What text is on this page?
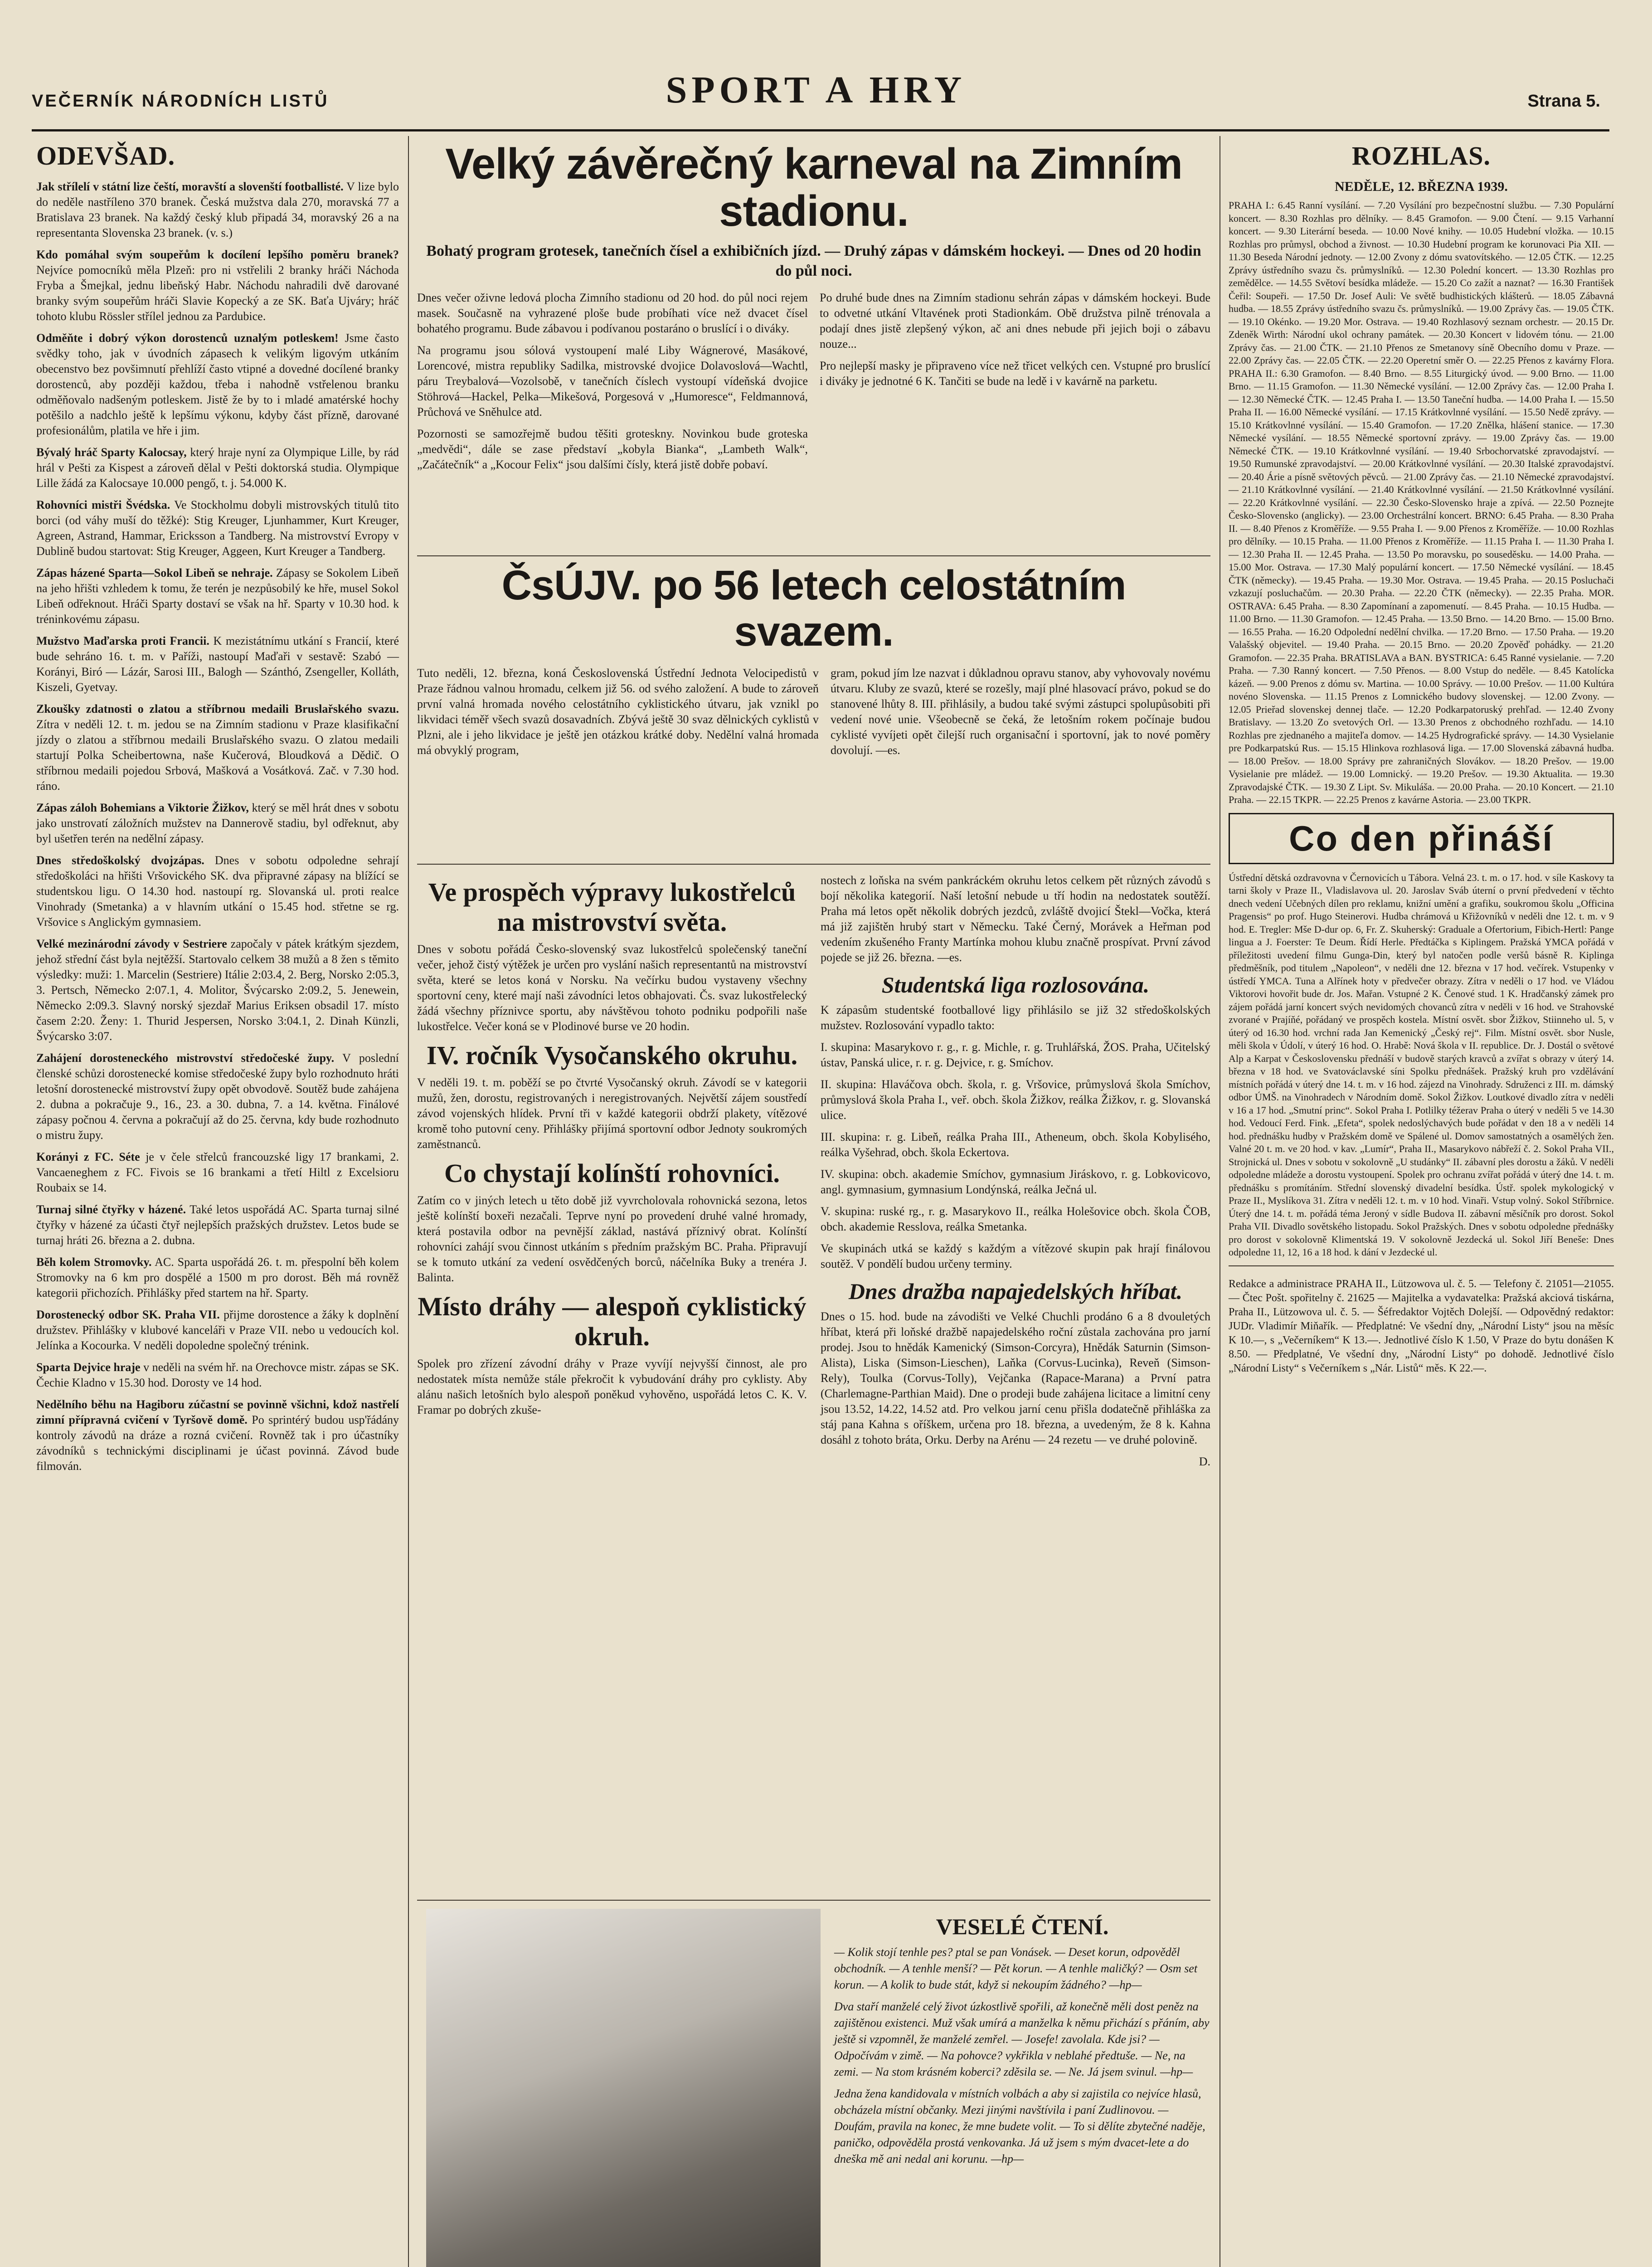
VEČERNÍK NÁRODNÍCH LISTŮ	SPORT A HRY	Strana 5.
ODEVŠAD.

Jak střílelí v státní lize čeští, moravští a slovenští footballisté. V lize bylo do neděle nastříleno 370 branek. Česká mužstva dala 270, moravská 77 a Bratislava 23 branek. Na každý český klub připadá 34, moravský 26 a na representanta Slovenska 23 branek. (v. s.)

Kdo pomáhal svým soupeřům k docílení lepšího poměru branek? Nejvíce pomocníků měla Plzeň: pro ni vstřelili 2 branky hráči Náchoda Fryba a Šmejkal, jednu libeňský Habr. Náchodu nahradili dvě darované branky svým soupeřům hráči Slavie Kopecký a ze SK. Baťa Ujváry; hráč tohoto klubu Rössler střílel jednou za Pardubice.

Odměňte i dobrý výkon dorostenců uznalým potleskem! Jsme často svědky toho, jak v úvodních zápasech k velikým ligovým utkáním obecenstvo bez povšimnutí přehlíží často vtipné a dovedné docílené branky dorostenců, aby později každou, třeba i nahodně vstřelenou branku odměňovalo nadšeným potleskem. Jistě že by to i mladé amatérské hochy potěšilo a nadchlo ještě k lepšímu výkonu, kdyby část přízně, darované profesionálům, platila ve hře i jim.

Bývalý hráč Sparty Kalocsay, který hraje nyní za Olympique Lille, by rád hrál v Pešti za Kispest a zároveň dělal v Pešti doktorská studia. Olympique Lille žádá za Kalocsaye 10.000 pengő, t. j. 54.000 K.

Rohovníci mistři Švédska. Ve Stockholmu dobyli mistrovských titulů tito borci (od váhy muší do těžké): Stig Kreuger, Ljunhammer, Kurt Kreuger, Agreen, Astrand, Hammar, Ericksson a Tandberg. Na mistrovství Evropy v Dublině budou startovat: Stig Kreuger, Aggeen, Kurt Kreuger a Tandberg.

Zápas házené Sparta—Sokol Libeň se nehraje. Zápasy se Sokolem Libeň na jeho hřišti vzhledem k tomu, že terén je nezpůsobilý ke hře, musel Sokol Libeň odřeknout. Hráči Sparty dostaví se však na hř. Sparty v 10.30 hod. k tréninkovému zápasu.

Mužstvo Maďarska proti Francii. K mezistátnímu utkání s Francií, které bude sehráno 16. t. m. v Paříži, nastoupí Maďaři v sestavě: Szabó — Korányi, Biró — Lázár, Sarosi III., Balogh — Szánthó, Zsengeller, Kolláth, Kiszeli, Gyetvay.

Zkoušky zdatnosti o zlatou a stříbrnou medaili Bruslařského svazu. Zítra v neděli 12. t. m. jedou se na Zimním stadionu v Praze klasifikační jízdy o zlatou a stříbrnou medaili Bruslařského svazu. O zlatou medaili startují Polka Scheibertowna, naše Kučerová, Bloudková a Dědič. O stříbrnou medaili pojedou Srbová, Mašková a Vosátková. Zač. v 7.30 hod. ráno.

Zápas záloh Bohemians a Viktorie Žižkov, který se měl hrát dnes v sobotu jako unstrovatí záložních mužstev na Dannerově stadiu, byl odřeknut, aby byl ušetřen terén na nedělní zápasy.

Dnes středoškolský dvojzápas. Dnes v sobotu odpoledne sehrají středoškoláci na hřišti Vršovického SK. dva připravné zápasy na blížící se studentskou ligu. O 14.30 hod. nastoupí rg. Slovanská ul. proti realce Vinohrady (Smetanka) a v hlavním utkání o 15.45 hod. střetne se rg. Vršovice s Anglickým gymnasiem.

Velké mezinárodní závody v Sestriere započaly v pátek krátkým sjezdem, jehož střední část byla nejtěžší. Startovalo celkem 38 mužů a 8 žen s těmito výsledky: muži: 1. Marcelin (Sestriere) Itálie 2:03.4, 2. Berg, Norsko 2:05.3, 3. Pertsch, Německo 2:07.1, 4. Molitor, Švýcarsko 2:09.2, 5. Jenewein, Německo 2:09.3. Slavný norský sjezdař Marius Eriksen obsadil 17. místo časem 2:20. Ženy: 1. Thurid Jespersen, Norsko 3:04.1, 2. Dinah Künzli, Švýcarsko 3:07.

Zahájení dorosteneckého mistrovství středočeské župy. V poslední členské schůzi dorostenecké komise středočeské župy bylo rozhodnuto hráti letošní dorostenecké mistrovství župy opět obvodově. Soutěž bude zahájena 2. dubna a pokračuje 9., 16., 23. a 30. dubna, 7. a 14. května. Finálové zápasy počnou 4. června a pokračují až do 25. června, kdy bude rozhodnuto o mistru župy.

Korányi z FC. Séte je v čele střelců francouzské ligy 17 brankami, 2. Vancaeneghem z FC. Fivois se 16 brankami a třetí Hiltl z Excelsioru Roubaix se 14.

Turnaj silné čtyřky v házené. Také letos uspořádá AC. Sparta turnaj silné čtyřky v házené za účasti čtyř nejlepších pražských družstev. Letos bude se turnaj hráti 26. března a 2. dubna.

Běh kolem Stromovky. AC. Sparta uspořádá 26. t. m. přespolní běh kolem Stromovky na 6 km pro dospělé a 1500 m pro dorost. Běh má rovněž kategorii přichozích. Přihlášky před startem na hř. Sparty.

Dorostenecký odbor SK. Praha VII. přijme dorostence a žáky k doplnění družstev. Přihlášky v klubové kanceláři v Praze VII. nebo u vedoucích kol. Jelínka a Kocourka. V neděli dopoledne společný trénink.

Sparta Dejvice hraje v neděli na svém hř. na Orechovce mistr. zápas se SK. Čechie Kladno v 15.30 hod. Dorosty ve 14 hod.

Nedělního běhu na Hagiboru zúčastní se povinně všichni, kdož nastřelí zimní přípravná cvičení v Tyršově domě. Po sprintérý budou usp'řádány kontroly závodů na dráze a rozná cvičení. Rovněž tak i pro účastníky závodníků s technickými disciplinami je účast povinná. Závod bude filmován.

Velký závěrečný karneval na Zimním stadionu.
Bohatý program grotesek, tanečních čísel a exhibičních jízd. — Druhý zápas v dámském hockeyi. — Dnes od 20 hodin do půl noci.

Dnes večer oživne ledová plocha Zimního stadionu od 20 hod. do půl noci rejem masek. Současně na vyhrazené ploše bude probíhati více než dvacet čísel bohatého programu. Bude zábavou i podívanou postaráno o bruslící i o diváky.

Na programu jsou sólová vystoupení malé Liby Wágnerové, Masákové, Lorencové, mistra republiky Sadilka, mistrovské dvojice Dolavoslová—Wachtl, páru Treybalová—Vozolsobě, v tanečních číslech vystoupí vídeňská dvojice Stöhrová—Hackel, Pelka—Mikešová, Porgesová v „Humoresce“, Feldmannová, Průchová ve Sněhulce atd.

Pozornosti se samozřejmě budou těšiti groteskny. Novinkou bude groteska „medvědi“, dále se zase představí „kobyla Bianka“, „Lambeth Walk“, „Začátečník“ a „Kocour Felix“ jsou dalšími čísly, která jistě dobře pobaví.

Po druhé bude dnes na Zimním stadionu sehrán zápas v dámském hockeyi. Bude to odvetné utkání Vltavének proti Stadionkám. Obě družstva pilně trénovala a podají dnes jistě zlepšený výkon, ač ani dnes nebude při jejich boji o zábavu nouze...

Pro nejlepší masky je připraveno více než třicet velkých cen. Vstupné pro bruslící i diváky je jednotné 6 K. Tančiti se bude na ledě i v kavárně na parketu.

ČsÚJV. po 56 letech celostátním svazem.

Tuto neděli, 12. března, koná Československá Ústřední Jednota Velocipedistů v Praze řádnou valnou hromadu, celkem již 56. od svého založení. A bude to zároveň první valná hromada nového celostátního cyklistického útvaru, jak vznikl po likvidaci téměř všech svazů dosavadních. Zbývá ještě 30 svaz dělnických cyklistů v Plzni, ale i jeho likvidace je ještě jen otázkou krátké doby. Nedělní valná hromada má obvyklý program,

gram, pokud jím lze nazvat i důkladnou opravu stanov, aby vyhovovaly novému útvaru. Kluby ze svazů, které se rozešly, mají plné hlasovací právo, pokud se do stanovené lhůty 8. III. přihlásily, a budou také svými zástupci spolupůsobiti při vedení nové unie. Všeobecně se čeká, že letošním rokem počínaje budou cyklisté vyvíjeti opět čilejší ruch organisační i sportovní, jak to nové poměry dovolují. —es.

Ve prospěch výpravy lukostřelců na mistrovství světa.

Dnes v sobotu pořádá Česko-slovenský svaz lukostřelců společenský taneční večer, jehož čistý výtěžek je určen pro vyslání našich representantů na mistrovství světa, které se letos koná v Norsku. Na večírku budou vystaveny všechny sportovní ceny, které mají naši závodníci letos obhajovati. Čs. svaz lukostřelecký žádá všechny příznivce sportu, aby návštěvou tohoto podniku podpořili naše lukostřelce. Večer koná se v Plodinové burse ve 20 hodin.

IV. ročník Vysočanského okruhu.

V neděli 19. t. m. poběží se po čtvrté Vysočanský okruh. Závodí se v kategorii mužů, žen, dorostu, registrovaných i neregistrovaných. Největší zájem soustředí závod vojenských hlídek. První tři v každé kategorii obdrží plakety, vítězové kromě toho putovní ceny. Přihlášky přijímá sportovní odbor Jednoty soukromých zaměstnanců.

Co chystají kolínští rohovníci.

Zatím co v jiných letech u těto době již vyvrcholovala rohovnická sezona, letos ještě kolínští boxeři nezačali. Teprve nyní po provedení druhé valné hromady, která postavila odbor na pevnější základ, nastává příznivý obrat. Kolínští rohovníci zahájí svou činnost utkáním s předním pražským BC. Praha. Připravují se k tomuto utkání za vedení osvědčených borců, náčelníka Buky a trenéra J. Balinta.

Místo dráhy — alespoň cyklistický okruh.

Spolek pro zřízení závodní dráhy v Praze vyvíjí nejvyšší činnost, ale pro nedostatek místa nemůže stále překročit k vybudování dráhy pro cyklisty. Aby alánu našich letošních bylo alespoň poněkud vyhověno, uspořádá letos C. K. V. Framar po dobrých zkuše-

nostech z loňska na svém pankráckém okruhu letos celkem pět různých závodů s bojí několika kategorií. Naší letošní nebude u tří hodin na nedostatek soutěží. Praha má letos opět několik dobrých jezdců, zvláště dvojicí Štekl—Vočka, která má již zajištěn hrubý start v Německu. Také Černý, Morávek a Heřman pod vedením zkušeného Franty Martínka mohou klubu značně prospívat. První závod pojede se již 26. března. —es.

Studentská liga rozlosována.

K zápasům studentské footballové ligy přihlásilo se již 32 středoškolských mužstev. Rozlosování vypadlo takto:

I. skupina: Masarykovo r. g., r. g. Michle, r. g. Truhlářská, ŽOS. Praha, Učitelský ústav, Panská ulice, r. r. g. Dejvice, r. g. Smíchov.

II. skupina: Hlaváčova obch. škola, r. g. Vršovice, průmyslová škola Smíchov, průmyslová škola Praha I., veř. obch. škola Žižkov, reálka Žižkov, r. g. Slovanská ulice.

III. skupina: r. g. Libeň, reálka Praha III., Atheneum, obch. škola Kobylisého, reálka Vyšehrad, obch. škola Eckertova.

IV. skupina: obch. akademie Smíchov, gymnasium Jiráskovo, r. g. Lobkovicovo, angl. gymnasium, gymnasium Londýnská, reálka Ječná ul.

V. skupina: ruské rg., r. g. Masarykovo II., reálka Holešovice obch. škola ČOB, obch. akademie Resslova, reálka Smetanka.

Ve skupinách utká se každý s každým a vítězové skupin pak hrají finálovou soutěž. V pondělí budou určeny terminy.

Dnes dražba napajedelských hříbat.

Dnes o 15. hod. bude na závodišti ve Velké Chuchli prodáno 6 a 8 dvouletých hříbat, která při loňské dražbě napajedelského roční zůstala zachována pro jarní prodej. Jsou to hnědák Kamenický (Simson-Corcyra), Hnědák Saturnin (Simson-Alista), Liska (Simson-Lieschen), Laňka (Corvus-Lucinka), Reveň (Simson-Rely), Toulka (Corvus-Tolly), Vejčanka (Rapace-Marana) a První patra (Charlemagne-Parthian Maid). Dne o prodeji bude zahájena licitace a limitní ceny jsou 13.52, 14.22, 14.52 atd. Pro velkou jarní cenu přišla dodatečně přihláška za stáj pana Kahna s oříškem, určena pro 18. března, a uvedeným, že 8 k. Kahna dosáhl z tohoto bráta, Orku. Derby na Arénu — 24 rezetu — ve druhé polovině.

D.

VESELÉ ČTENÍ.

— Kolik stojí tenhle pes? ptal se pan Vonásek. — Deset korun, odpověděl obchodník. — A tenhle menší? — Pět korun. — A tenhle maličký? — Osm set korun. — A kolik to bude stát, když si nekoupím žádného? —hp—

Dva staří manželé celý život úzkostlivě spořili, až konečně měli dost peněz na zajištěnou existenci. Muž však umírá a manželka k němu přichází s přáním, aby ještě si vzpomněl, že manželé zemřel. — Josefe! zavolala. Kde jsi? — Odpočívám v zimě. — Na pohovce? vykřikla v neblahé předtuše. — Ne, na zemi. — Na stom krásném koberci? zděsila se. — Ne. Já jsem svinul. —hp—

Jedna žena kandidovala v místních volbách a aby si zajistila co nejvíce hlasů, obcházela místní občanky. Mezi jinými navštívila i paní Zudlinovou. — Doufám, pravila na konec, že mne budete volit. — To si dělíte zbytečné naděje, paničko, odpověděla prostá venkovanka. Já už jsem s mým dvacet-lete a do dneška mě ani nedal ani korunu. —hp—

ROZHLAS.
NEDĚLE, 12. BŘEZNA 1939.

PRAHA I.: 6.45 Ranní vysílání. — 7.20 Vysílání pro bezpečnostní službu. — 7.30 Populární koncert. — 8.30 Rozhlas pro dělníky. — 8.45 Gramofon. — 9.00 Čtení. — 9.15 Varhanní koncert. — 9.30 Literární beseda. — 10.00 Nové knihy. — 10.05 Hudební vložka. — 10.15 Rozhlas pro průmysl, obchod a živnost. — 10.30 Hudební program ke korunovaci Pia XII. — 11.30 Beseda Národní jednoty. — 12.00 Zvony z dómu svatovítského. — 12.05 ČTK. — 12.25 Zprávy ústředního svazu čs. průmyslníků. — 12.30 Polední koncert. — 13.30 Rozhlas pro zemědělce. — 14.55 Světoví besídka mládeže. — 15.20 Co zažít a naznat? — 16.30 František Čeřil: Soupeři. — 17.50 Dr. Josef Auli: Ve světě budhistických klášterů. — 18.05 Zábavná hudba. — 18.55 Zprávy ústředního svazu čs. průmyslníků. — 19.00 Zprávy čas. — 19.05 ČTK. — 19.10 Okénko. — 19.20 Mor. Ostrava. — 19.40 Rozhlasový seznam orchestr. — 20.15 Dr. Zdeněk Wirth: Národní ukol ochrany památek. — 20.30 Koncert v lidovém tónu. — 21.00 Zprávy čas. — 21.00 ČTK. — 21.10 Přenos ze Smetanovy síně Obecního domu v Praze. — 22.00 Zprávy čas. — 22.05 ČTK. — 22.20 Operetní směr O. — 22.25 Přenos z kavárny Flora. PRAHA II.: 6.30 Gramofon. — 8.40 Brno. — 8.55 Liturgický úvod. — 9.00 Brno. — 11.00 Brno. — 11.15 Gramofon. — 11.30 Německé vysílání. — 12.00 Zprávy čas. — 12.00 Praha I. — 12.30 Německé ČTK. — 12.45 Praha I. — 13.50 Taneční hudba. — 14.00 Praha I. — 15.50 Praha II. — 16.00 Německé vysílání. — 17.15 Krátkovlnné vysílání. — 15.50 Nedě zprávy. — 15.10 Krátkovlnné vysílání. — 15.40 Gramofon. — 17.20 Znělka, hlášení stanice. — 17.30 Německé vysílání. — 18.55 Německé sportovní zprávy. — 19.00 Zprávy čas. — 19.00 Německé ČTK. — 19.10 Krátkovlnné vysílání. — 19.40 Srbochorvatské zpravodajství. — 19.50 Rumunské zpravodajství. — 20.00 Krátkovlnné vysílání. — 20.30 Italské zpravodajství. — 20.40 Árie a písně světových pěvců. — 21.00 Zprávy čas. — 21.10 Německé zpravodajství. — 21.10 Krátkovlnné vysílání. — 21.40 Krátkovlnné vysílání. — 21.50 Krátkovlnné vysílání. — 22.20 Krátkovlnné vysílání. — 22.30 Česko-Slovensko hraje a zpívá. — 22.50 Poznejte Česko-Slovensko (anglicky). — 23.00 Orchestrální koncert. BRNO: 6.45 Praha. — 8.30 Praha II. — 8.40 Přenos z Kroměříže. — 9.55 Praha I. — 9.00 Přenos z Kroměříže. — 10.00 Rozhlas pro dělníky. — 10.15 Praha. — 11.00 Přenos z Kroměříže. — 11.15 Praha I. — 11.30 Praha I. — 12.30 Praha II. — 12.45 Praha. — 13.50 Po moravsku, po souseděsku. — 14.00 Praha. — 15.00 Mor. Ostrava. — 17.30 Malý populární koncert. — 17.50 Německé vysílání. — 18.45 ČTK (německy). — 19.45 Praha. — 19.30 Mor. Ostrava. — 19.45 Praha. — 20.15 Posluchači vzkazují posluchačům. — 20.30 Praha. — 22.20 ČTK (německy). — 22.35 Praha. MOR. OSTRAVA: 6.45 Praha. — 8.30 Zapomínaní a zapomenutí. — 8.45 Praha. — 10.15 Hudba. — 11.00 Brno. — 11.30 Gramofon. — 12.45 Praha. — 13.50 Brno. — 14.20 Brno. — 15.00 Brno. — 16.55 Praha. — 16.20 Odpolední nedělní chvilka. — 17.20 Brno. — 17.50 Praha. — 19.20 Valašský objevitel. — 19.40 Praha. — 20.15 Brno. — 20.20 Zpověď pohádky. — 21.20 Gramofon. — 22.35 Praha. BRATISLAVA a BAN. BYSTRICA: 6.45 Ranné vysielanie. — 7.20 Praha. — 7.30 Ranný koncert. — 7.50 Přenos. — 8.00 Vstup do neděle. — 8.45 Katolícka kázeň. — 9.00 Prenos z dómu sv. Martina. — 10.00 Správy. — 10.00 Prešov. — 11.00 Kultúra novéno Slovenska. — 11.15 Prenos z Lomnického budovy slovenskej. — 12.00 Zvony. — 12.05 Prieřad slovenskej dennej tlače. — 12.20 Podkarpatoruský prehľad. — 12.40 Zvony Bratislavy. — 13.20 Zo svetových Orl. — 13.30 Prenos z obchodného rozhľadu. — 14.10 Rozhlas pre zjednaného a majiteľa domov. — 14.25 Hydrografické správy. — 14.30 Vysielanie pre Podkarpatskú Rus. — 15.15 Hlinkova rozhlasová liga. — 17.00 Slovenská zábavná hudba. — 18.00 Prešov. — 18.00 Správy pre zahraničných Slovákov. — 18.20 Prešov. — 19.00 Vysielanie pre mládež. — 19.00 Lomnický. — 19.20 Prešov. — 19.30 Aktualita. — 19.30 Zpravodajské ČTK. — 19.30 Z Lipt. Sv. Mikuláša. — 20.00 Praha. — 20.10 Koncert. — 21.10 Praha. — 22.15 TKPR. — 22.25 Prenos z kavárne Astoria. — 23.00 TKPR.

Co den přináší

Ústřední dětská ozdravovna v Černovicích u Tábora. Velná 23. t. m. o 17. hod. v síle Kaskovy ta tarni školy v Praze II., Vladislavova ul. 20. Jaroslav Sváb úterní o první předvedení v těchto dnech vedení Učebných dílen pro reklamu, knižní umění a grafiku, soukromou školu „Officina Pragensis“ po prof. Hugo Steinerovi. Hudba chrámová u Křižovníků v neděli dne 12. t. m. v 9 hod. E. Tregler: Mše D-dur op. 6, Fr. Z. Skuherský: Graduale a Ofertorium, Fibich-Hertl: Pange lingua a J. Foerster: Te Deum. Řídí Herle. Předtáčka s Kiplingem. Pražská YMCA pořádá v příležitosti uvedení filmu Gunga-Din, který byl natočen podle veršů básně R. Kiplinga předměšník, pod titulem „Napoleon“, v neděli dne 12. března v 17 hod. večírek. Vstupenky v ústředí YMCA. Tuna a Alřínek hoty v předvečer obrazy. Zítra v neděli o 17 hod. ve Vládou Viktorovi hovořit bude dr. Jos. Mařan. Vstupné 2 K. Čenové stud. 1 K. Hradčanský zámek pro zájem pořádá jarní koncert svých nevidomých chovanců zítra v neděli v 16 hod. ve Strahovské zvorané v Prajíňé, pořádaný ve prospěch kostela. Místní osvět. sbor Žižkov, Stiinneho ul. 5, v úterý od 16.30 hod. vrchní rada Jan Kemenický „Český rej“. Film. Místní osvět. sbor Nusle, měli škola v Údolí, v úterý 16 hod. O. Hrabě: Nová škola v II. republice. Dr. J. Dostál o světové Alp a Karpat v Československu přednáší v budově starých kravců a zvířat s obrazy v úterý 14. března v 18 hod. ve Svatováclavské síni Spolku přednášek. Pražský kruh pro vzdělávání místních pořádá v úterý dne 14. t. m. v 16 hod. zájezd na Vinohrady. Sdruženci z III. m. dámský odbor ÚMŠ. na Vinohradech v Národním domě. Sokol Žižkov. Loutkové divadlo zítra v neděli v 16 a 17 hod. „Smutní princ“. Sokol Praha I. Potlilky téžerav Praha o úterý v neděli 5 ve 14.30 hod. Vedoucí Ferd. Fink. „Efeta“, spolek nedoslýchavých bude pořádat v den 18 a v neděli 14 hod. přednášku hudby v Pražském domě ve Spálené ul. Domov samostatných a osamělých žen. Valné 20 t. m. ve 20 hod. v kav. „Lumír“, Praha II., Masarykovo nábřeží č. 2. Sokol Praha VII., Strojnická ul. Dnes v sobotu v sokolovně „U studánky“ II. zábavní ples dorostu a žáků. V neděli odpoledne mládeže a dorostu vystoupení. Spolek pro ochranu zvířat pořádá v úterý dne 14. t. m. přednášku s promítáním. Střední slovenský divadelní besídka. Ústř. spolek mykologický v Praze II., Myslíkova 31. Zítra v neděli 12. t. m. v 10 hod. Vinaři. Vstup volný. Sokol Stříbrnice. Úterý dne 14. t. m. pořádá téma Jeroný v sídle Budova II. zábavní měsíčník pro dorost. Sokol Praha VII. Divadlo sovětského listopadu. Sokol Pražských. Dnes v sobotu odpoledne přednášky pro dorost v sokolovně Klimentská 19. V sokolovně Jezdecká ul. Sokol Jiří Beneše: Dnes odpoledne 11, 12, 16 a 18 hod. k dání v Jezdecké ul.

Redakce a administrace PRAHA II., Lützowova ul. č. 5. — Telefony č. 21051—21055. — Čtec Pošt. spořitelny č. 21625 — Majitelka a vydavatelka: Pražská akciová tiskárna, Praha II., Lützowova ul. č. 5. — Šéfredaktor Vojtěch Dolejší. — Odpovědný redaktor: JUDr. Vladimír Miňařík. — Předplatné: Ve všední dny, „Národní Listy“ jsou na měsíc K 10.—, s „Večerníkem“ K 13.—. Jednotlivé číslo K 1.50, V Praze do bytu donášen K 8.50. — Předplatné, Ve všední dny, „Národní Listy“ po dohodě. Jednotlivé číslo „Národní Listy“ s Večerníkem s „Nár. Listů“ měs. K 22.—.
